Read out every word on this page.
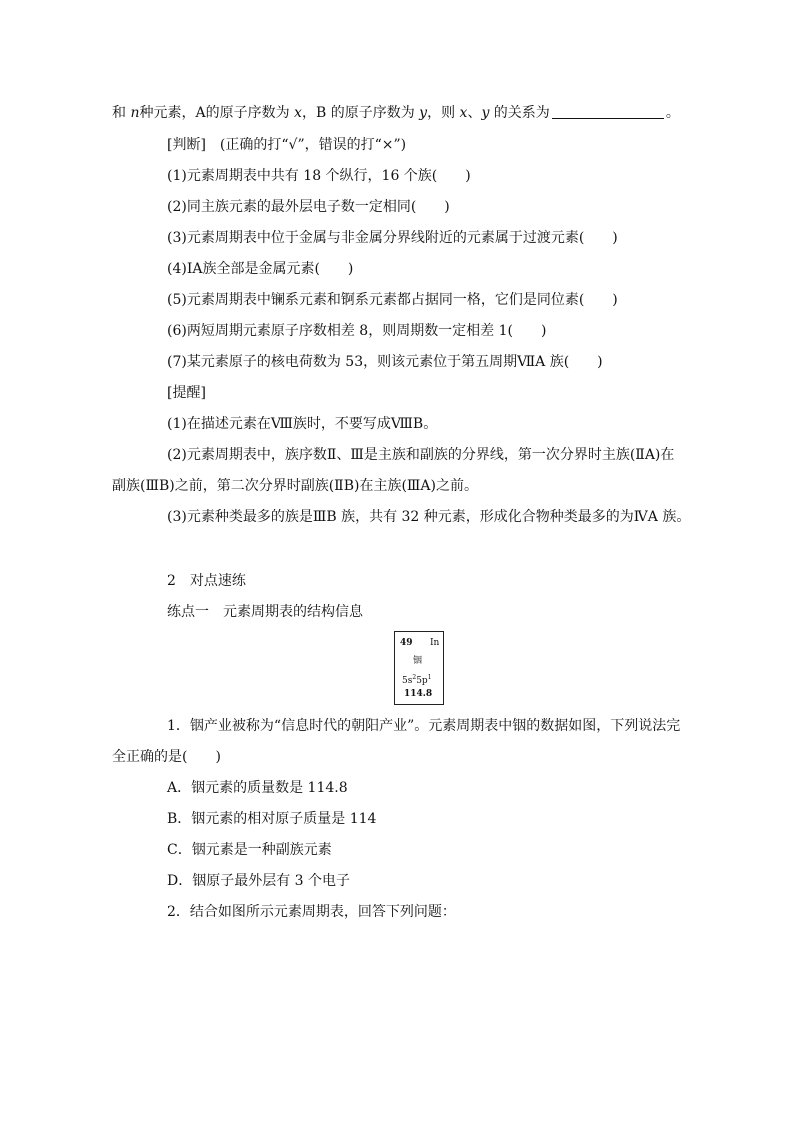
和 n种元素，A的原子序数为 x，B 的原子序数为 y，则 x、y 的关系为	。
[判断]　(正确的打“√”，错误的打“×”)
(1)元素周期表中共有 18 个纵行，16 个族(　　)
(2)同主族元素的最外层电子数一定相同(　　)
(3)元素周期表中位于金属与非金属分界线附近的元素属于过渡元素(　　)
(4)ⅠA族全部是金属元素(　　)
(5)元素周期表中镧系元素和锕系元素都占据同一格，它们是同位素(　　)
(6)两短周期元素原子序数相差 8，则周期数一定相差 1(　　)
(7)某元素原子的核电荷数为 53，则该元素位于第五周期ⅦA 族(　　)
[提醒]
(1)在描述元素在Ⅷ族时，不要写成ⅧB。
(2)元素周期表中，族序数Ⅱ、Ⅲ是主族和副族的分界线，第一次分界时主族(ⅡA)在
副族(ⅢB)之前，第二次分界时副族(ⅡB)在主族(ⅢA)之前。
(3)元素种类最多的族是ⅢB 族，共有 32 种元素，形成化合物种类最多的为ⅣA 族。
2　对点速练
练点一　元素周期表的结构信息
49 In
铟
$5s^25p^1$
114.8
1．铟产业被称为“信息时代的朝阳产业”。元素周期表中铟的数据如图，下列说法完
全正确的是(　　)
A．铟元素的质量数是 114.8
B．铟元素的相对原子质量是 114
C．铟元素是一种副族元素
D．铟原子最外层有 3 个电子
2．结合如图所示元素周期表，回答下列问题：
